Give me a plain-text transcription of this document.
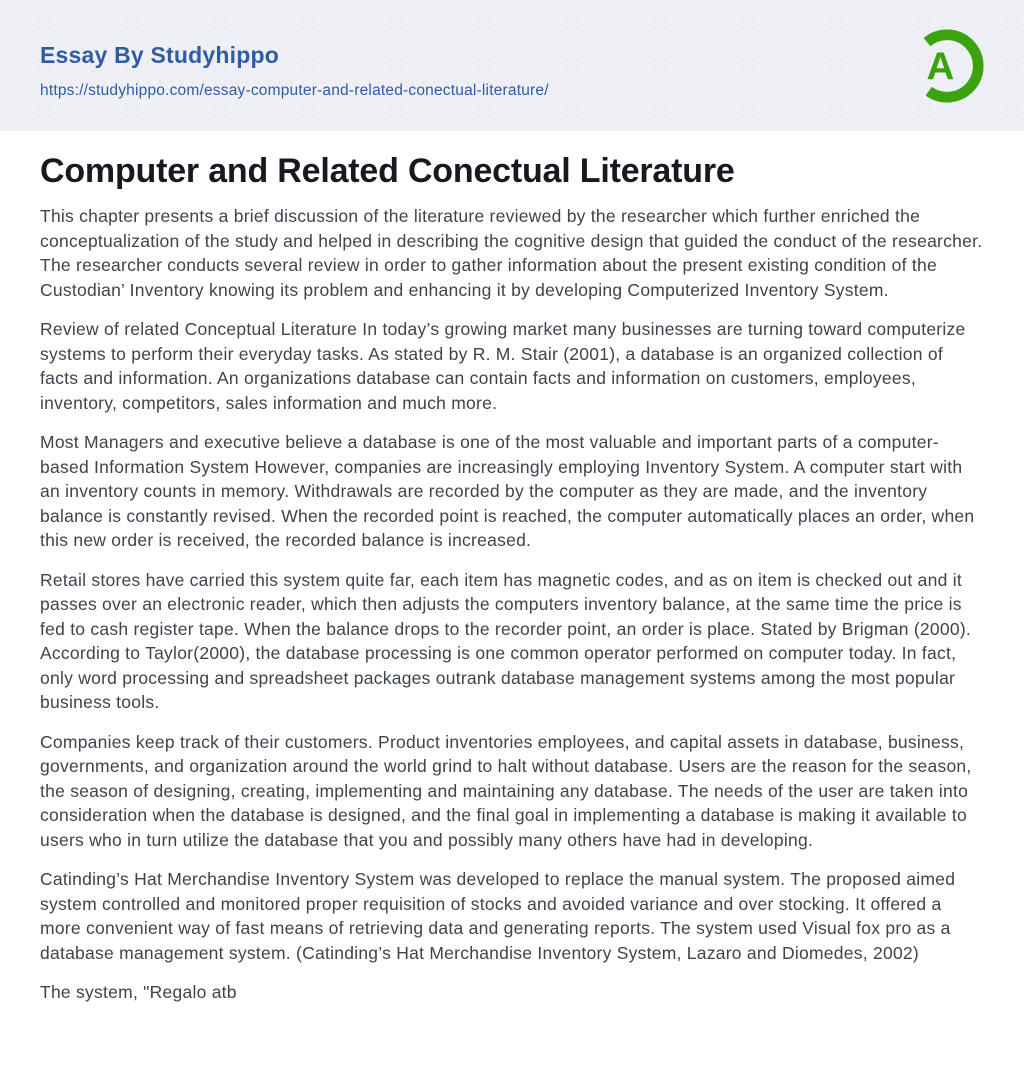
Essay By Studyhippo
https://studyhippo.com/essay-computer-and-related-conectual-literature/
A
Computer and Related Conectual Literature

This chapter presents a brief discussion of the literature reviewed by the researcher which further enriched the conceptualization of the study and helped in describing the cognitive design that guided the conduct of the researcher. The researcher conducts several review in order to gather information about the present existing condition of the Custodian’ Inventory knowing its problem and enhancing it by developing Computerized Inventory System.

Review of related Conceptual Literature In today’s growing market many businesses are turning toward computerize systems to perform their everyday tasks. As stated by R. M. Stair (2001), a database is an organized collection of facts and information. An organizations database can contain facts and information on customers, employees, inventory, competitors, sales information and much more.

Most Managers and executive believe a database is one of the most valuable and important parts of a computer-based Information System However, companies are increasingly employing Inventory System. A computer start with an inventory counts in memory. Withdrawals are recorded by the computer as they are made, and the inventory balance is constantly revised. When the recorded point is reached, the computer automatically places an order, when this new order is received, the recorded balance is increased.

Retail stores have carried this system quite far, each item has magnetic codes, and as on item is checked out and it passes over an electronic reader, which then adjusts the computers inventory balance, at the same time the price is fed to cash register tape. When the balance drops to the recorder point, an order is place. Stated by Brigman (2000). According to Taylor(2000), the database processing is one common operator performed on computer today. In fact, only word processing and spreadsheet packages outrank database management systems among the most popular business tools.

Companies keep track of their customers. Product inventories employees, and capital assets in database, business, governments, and organization around the world grind to halt without database. Users are the reason for the season, the season of designing, creating, implementing and maintaining any database. The needs of the user are taken into consideration when the database is designed, and the final goal in implementing a database is making it available to users who in turn utilize the database that you and possibly many others have had in developing.

Catinding’s Hat Merchandise Inventory System was developed to replace the manual system. The proposed aimed system controlled and monitored proper requisition of stocks and avoided variance and over stocking. It offered a more convenient way of fast means of retrieving data and generating reports. The system used Visual fox pro as a database management system. (Catinding’s Hat Merchandise Inventory System, Lazaro and Diomedes, 2002)

The system, "Regalo atb
